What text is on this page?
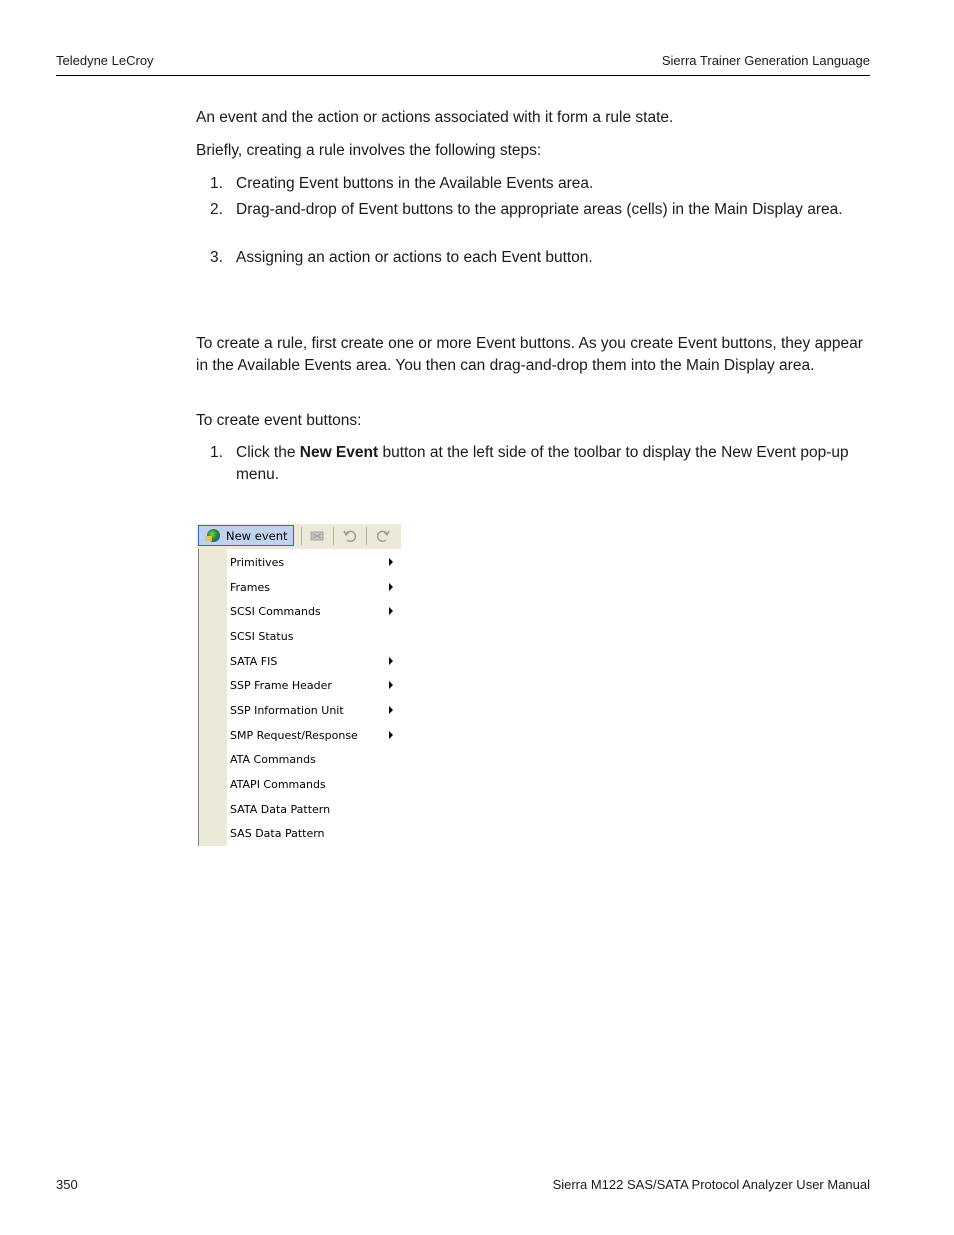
Teledyne LeCroy	Sierra Trainer Generation Language

An event and the action or actions associated with it form a rule state.

Briefly, creating a rule involves the following steps:

1. Creating Event buttons in the Available Events area.
2. Drag-and-drop of Event buttons to the appropriate areas (cells) in the Main Display area.
3. Assigning an action or actions to each Event button.

To create a rule, first create one or more Event buttons. As you create Event buttons, they appear in the Available Events area. You then can drag-and-drop them into the Main Display area.

To create event buttons:

1. Click the New Event button at the left side of the toolbar to display the New Event pop-up menu.
New event
Primitives
Frames
SCSI Commands
SCSI Status
SATA FIS
SSP Frame Header
SSP Information Unit
SMP Request/Response
ATA Commands
ATAPI Commands
SATA Data Pattern
SAS Data Pattern
350	Sierra M122 SAS/SATA Protocol Analyzer User Manual
